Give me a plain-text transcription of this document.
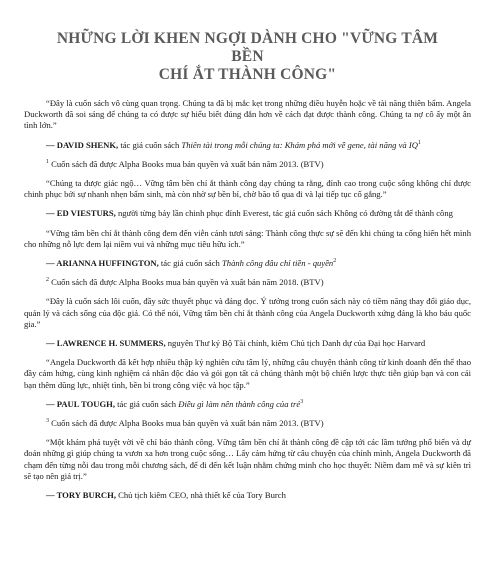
NHỮNG LỜI KHEN NGỢI DÀNH CHO "VỮNG TÂM BỀN
CHÍ ẮT THÀNH CÔNG"

“Đây là cuốn sách vô cùng quan trọng. Chúng ta đã bị mắc kẹt trong những điều huyễn hoặc về tài năng thiên bẩm. Angela Duckworth đã soi sáng để chúng ta có được sự hiểu biết đúng đắn hơn về cách đạt được thành công. Chúng ta nợ cô ấy một ân tình lớn.”

— DAVID SHENK, tác giả cuốn sách Thiên tài trong mỗi chúng ta: Khám phá mới về gene, tài năng và $IQ^1$

$^1$ Cuốn sách đã được Alpha Books mua bản quyền và xuất bản năm 2013. (BTV)

“Chúng ta được giác ngộ… Vững tâm bền chí ắt thành công dạy chúng ta rằng, đỉnh cao trong cuộc sống không chỉ được chinh phục bởi sự nhanh nhẹn bẩm sinh, mà còn nhờ sự bền bỉ, chờ bão tố qua đi và lại tiếp tục cố gắng.”

— ED VIESTURS, người từng bảy lần chinh phục đỉnh Everest, tác giả cuốn sách Không có đường tắt để thành công

“Vững tâm bền chí ắt thành công đem đến viễn cảnh tươi sáng: Thành công thực sự sẽ đến khi chúng ta cống hiến hết mình cho những nỗ lực đem lại niềm vui và những mục tiêu hữu ích.”

— ARIANNA HUFFINGTON, tác giả cuốn sách Thành công đâu chỉ tiền - quyền$^2$

$^2$ Cuốn sách đã được Alpha Books mua bản quyền và xuất bản năm 2018. (BTV)

“Đây là cuốn sách lôi cuốn, đầy sức thuyết phục và đáng đọc. Ý tưởng trong cuốn sách này có tiềm năng thay đổi giáo dục, quản lý và cách sống của độc giả. Có thể nói, Vững tâm bền chí ắt thành công của Angela Duckworth xứng đáng là kho báu quốc gia.”

— LAWRENCE H. SUMMERS, nguyên Thư ký Bộ Tài chính, kiêm Chủ tịch Danh dự của Đại học Harvard

“Angela Duckworth đã kết hợp nhiều thập kỷ nghiên cứu tâm lý, những câu chuyện thành công từ kinh doanh đến thể thao đầy cảm hứng, cùng kinh nghiệm cá nhân độc đáo và gói gọn tất cả chúng thành một bộ chiến lược thực tiễn giúp bạn và con cái bạn thêm dũng lực, nhiệt tình, bền bỉ trong công việc và học tập.”

— PAUL TOUGH, tác giả cuốn sách Điều gì làm nên thành công của trẻ$^3$

$^3$ Cuốn sách đã được Alpha Books mua bản quyền và xuất bản năm 2013. (BTV)

“Một khám phá tuyệt vời về chỉ báo thành công. Vững tâm bền chí ắt thành công đề cập tới các lầm tưởng phổ biến và dự đoán những gì giúp chúng ta vươn xa hơn trong cuộc sống… Lấy cảm hứng từ câu chuyện của chính mình, Angela Duckworth đã chạm đến từng nỗi đau trong mỗi chương sách, để đi đến kết luận nhằm chứng minh cho học thuyết: Niềm đam mê và sự kiên trì sẽ tạo nên giá trị.”

— TORY BURCH, Chủ tịch kiêm CEO, nhà thiết kế của Tory Burch
